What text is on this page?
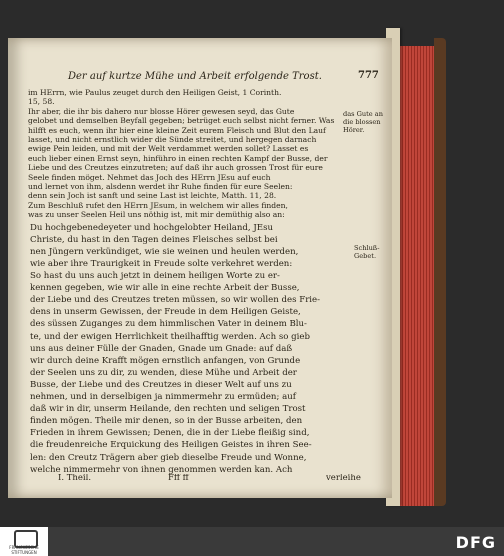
Der auf kurtze Mühe und Arbeit erfolgende Trost.	777
das Gute an die blossen Hörer.
Schluß-Gebet.
I. Theil.	Fff ff	verleihe
im HErrn, wie Paulus zeuget durch den Heiligen Geist, 1 Corinth.
15, 58.
Ihr aber, die ihr bis dahero nur blosse Hörer gewesen seyd, das Gute
gelobet und demselben Beyfall gegeben; betrüget euch selbst nicht ferner. Was
hilfft es euch, wenn ihr hier eine kleine Zeit eurem Fleisch und Blut den Lauf
lasset, und nicht ernstlich wider die Sünde streitet, und hergegen darnach
ewige Pein leiden, und mit der Welt verdammet werden sollet? Lasset es
euch lieber einen Ernst seyn, hinführo in einen rechten Kampf der Busse, der
Liebe und des Creutzes einzutreten; auf daß ihr auch grossen Trost für eure
Seele finden möget. Nehmet das Joch des HErrn JEsu auf euch
und lernet von ihm, alsdenn werdet ihr Ruhe finden für eure Seelen:
denn sein Joch ist sanft und seine Last ist leichte, Matth. 11, 28.
Zum Beschluß rufet den HErrn JEsum, in welchem wir alles finden,
was zu unser Seelen Heil uns nöthig ist, mit mir demüthig also an:
Du hochgebenedeyeter und hochgelobter Heiland, JEsu
Christe, du hast in den Tagen deines Fleisches selbst bei
nen Jüngern verkündiget, wie sie weinen und heulen werden,
wie aber ihre Traurigkeit in Freude solte verkehret werden:
So hast du uns auch jetzt in deinem heiligen Worte zu er-
kennen gegeben, wie wir alle in eine rechte Arbeit der Busse,
der Liebe und des Creutzes treten müssen, so wir wollen des Frie-
dens in unserm Gewissen, der Freude in dem Heiligen Geiste,
des süssen Zuganges zu dem himmlischen Vater in deinem Blu-
te, und der ewigen Herrlichkeit theilhafftig werden. Ach so gieb
uns aus deiner Fülle der Gnaden, Gnade um Gnade: auf daß
wir durch deine Krafft mögen ernstlich anfangen, von Grunde
der Seelen uns zu dir, zu wenden, diese Mühe und Arbeit der
Busse, der Liebe und des Creutzes in dieser Welt auf uns zu
nehmen, und in derselbigen ja nimmermehr zu ermüden; auf
daß wir in dir, unserm Heilande, den rechten und seligen Trost
finden mögen. Theile mir denen, so in der Busse arbeiten, den
Frieden in ihrem Gewissen; Denen, die in der Liebe fleißig sind,
die freudenreiche Erquickung des Heiligen Geistes in ihren See-
len: den Creutz Trägern aber gieb dieselbe Freude und Wonne,
welche nimmermehr von ihnen genommen werden kan. Ach
FRANCKESCHE STIFTUNGEN	DFG
